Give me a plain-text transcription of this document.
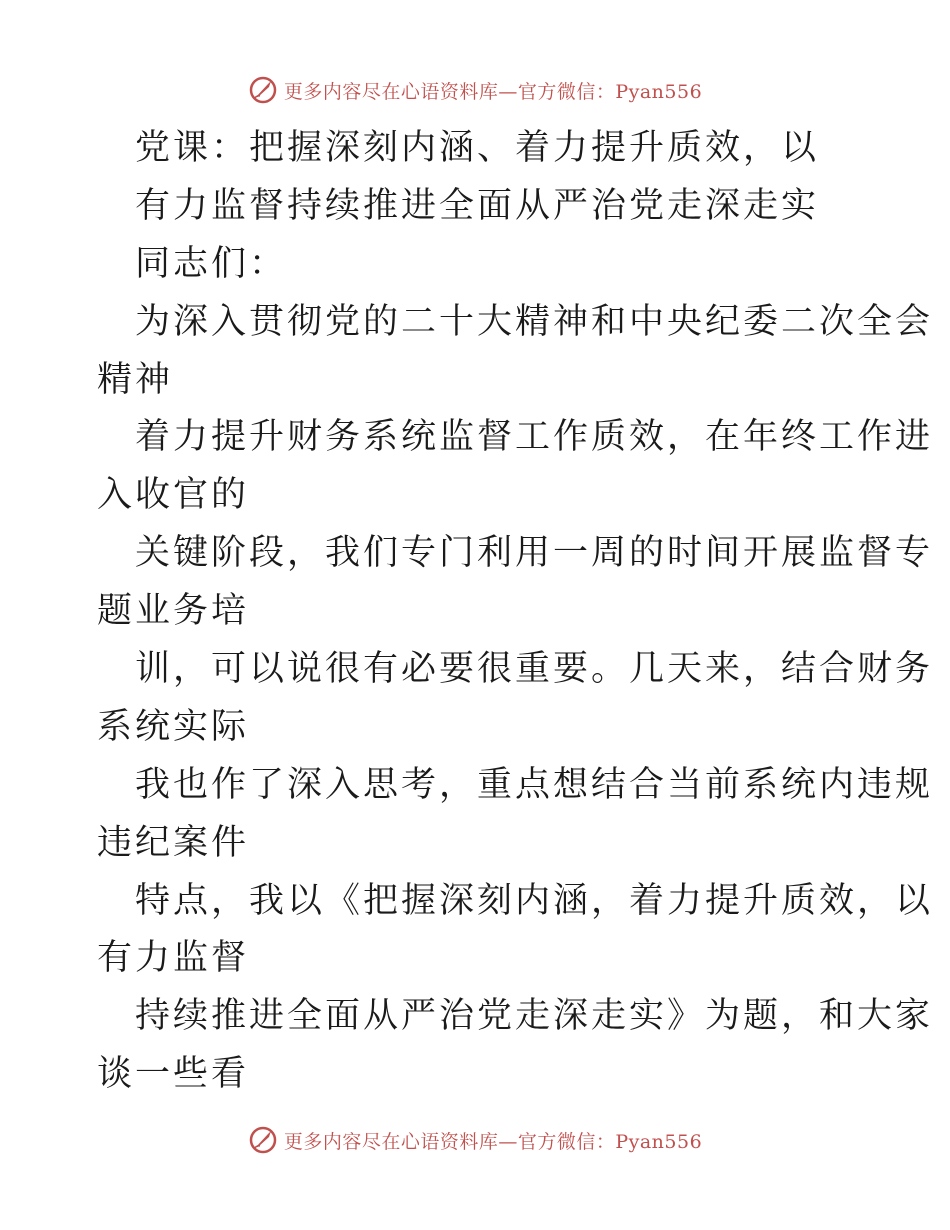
更多内容尽在心语资料库—官方微信：Pyan556
党课：把握深刻内涵、着力提升质效，以
有力监督持续推进全面从严治党走深走实
同志们：
为深入贯彻党的二十大精神和中央纪委二次全会
精神
着力提升财务系统监督工作质效，在年终工作进
入收官的
关键阶段，我们专门利用一周的时间开展监督专
题业务培
训，可以说很有必要很重要。几天来，结合财务
系统实际
我也作了深入思考，重点想结合当前系统内违规
违纪案件
特点，我以《把握深刻内涵，着力提升质效，以
有力监督
持续推进全面从严治党走深走实》为题，和大家
谈一些看
更多内容尽在心语资料库—官方微信：Pyan556
